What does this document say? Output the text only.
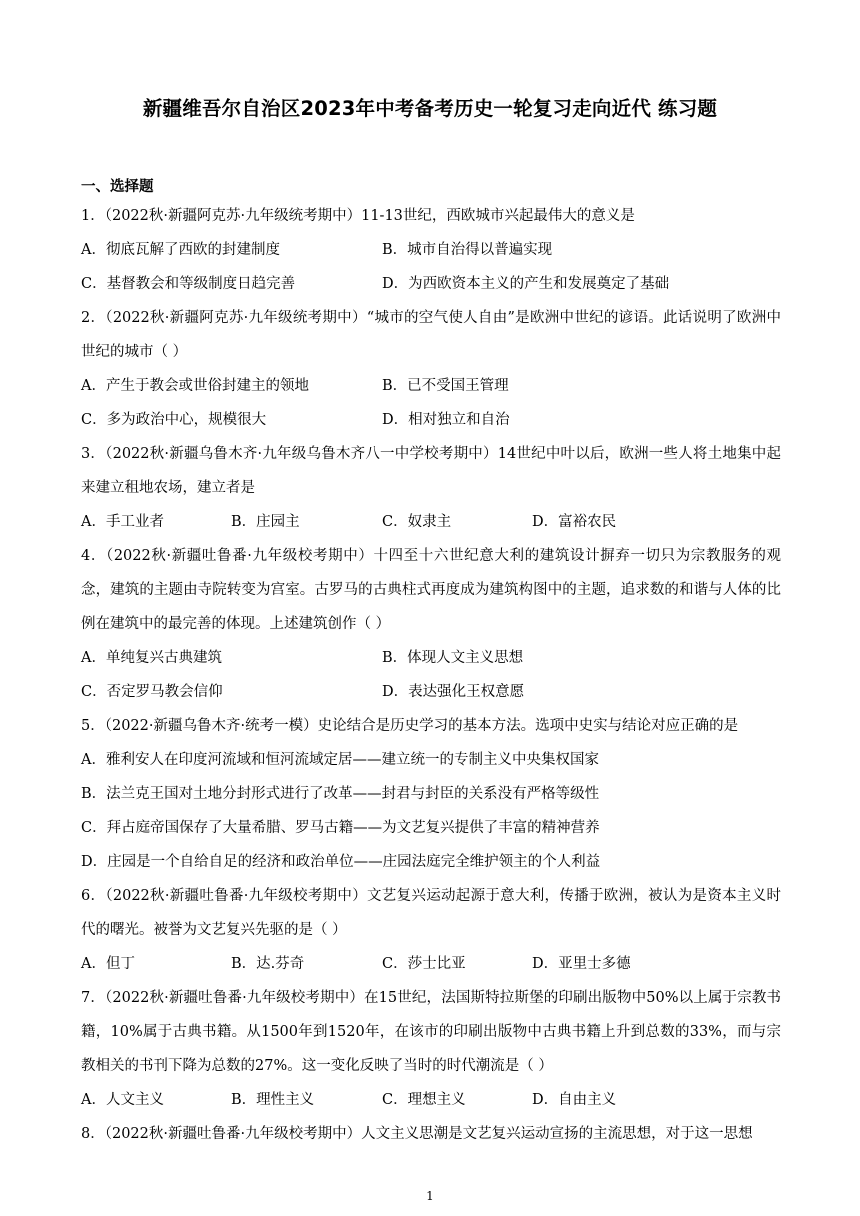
新疆维吾尔自治区2023年中考备考历史一轮复习走向近代 练习题
一、选择题
1．（2022秋·新疆阿克苏·九年级统考期中）11-13世纪，西欧城市兴起最伟大的意义是
A．彻底瓦解了西欧的封建制度	B．城市自治得以普遍实现
C．基督教会和等级制度日趋完善	D．为西欧资本主义的产生和发展奠定了基础
2．（2022秋·新疆阿克苏·九年级统考期中）“城市的空气使人自由”是欧洲中世纪的谚语。此话说明了欧洲中世纪的城市（ ）
A．产生于教会或世俗封建主的领地	B．已不受国王管理
C．多为政治中心，规模很大	D．相对独立和自治
3．（2022秋·新疆乌鲁木齐·九年级乌鲁木齐八一中学校考期中）14世纪中叶以后，欧洲一些人将土地集中起来建立租地农场，建立者是
A．手工业者	B．庄园主	C．奴隶主	D．富裕农民
4．（2022秋·新疆吐鲁番·九年级校考期中）十四至十六世纪意大利的建筑设计摒弃一切只为宗教服务的观念，建筑的主题由寺院转变为宫室。古罗马的古典柱式再度成为建筑构图中的主题，追求数的和谐与人体的比例在建筑中的最完善的体现。上述建筑创作（ ）
A．单纯复兴古典建筑	B．体现人文主义思想
C．否定罗马教会信仰	D．表达强化王权意愿
5．（2022·新疆乌鲁木齐·统考一模）史论结合是历史学习的基本方法。选项中史实与结论对应正确的是
A．雅利安人在印度河流域和恒河流域定居——建立统一的专制主义中央集权国家
B．法兰克王国对土地分封形式进行了改革——封君与封臣的关系没有严格等级性
C．拜占庭帝国保存了大量希腊、罗马古籍——为文艺复兴提供了丰富的精神营养
D．庄园是一个自给自足的经济和政治单位——庄园法庭完全维护领主的个人利益
6．（2022秋·新疆吐鲁番·九年级校考期中）文艺复兴运动起源于意大利，传播于欧洲，被认为是资本主义时代的曙光。被誉为文艺复兴先驱的是（ ）
A．但丁	B．达.芬奇	C．莎士比亚	D．亚里士多德
7．（2022秋·新疆吐鲁番·九年级校考期中）在15世纪，法国斯特拉斯堡的印刷出版物中50%以上属于宗教书籍，10%属于古典书籍。从1500年到1520年，在该市的印刷出版物中古典书籍上升到总数的33%，而与宗教相关的书刊下降为总数的27%。这一变化反映了当时的时代潮流是（ ）
A．人文主义	B．理性主义	C．理想主义	D．自由主义
8．（2022秋·新疆吐鲁番·九年级校考期中）人文主义思潮是文艺复兴运动宣扬的主流思想，对于这一思想
1
